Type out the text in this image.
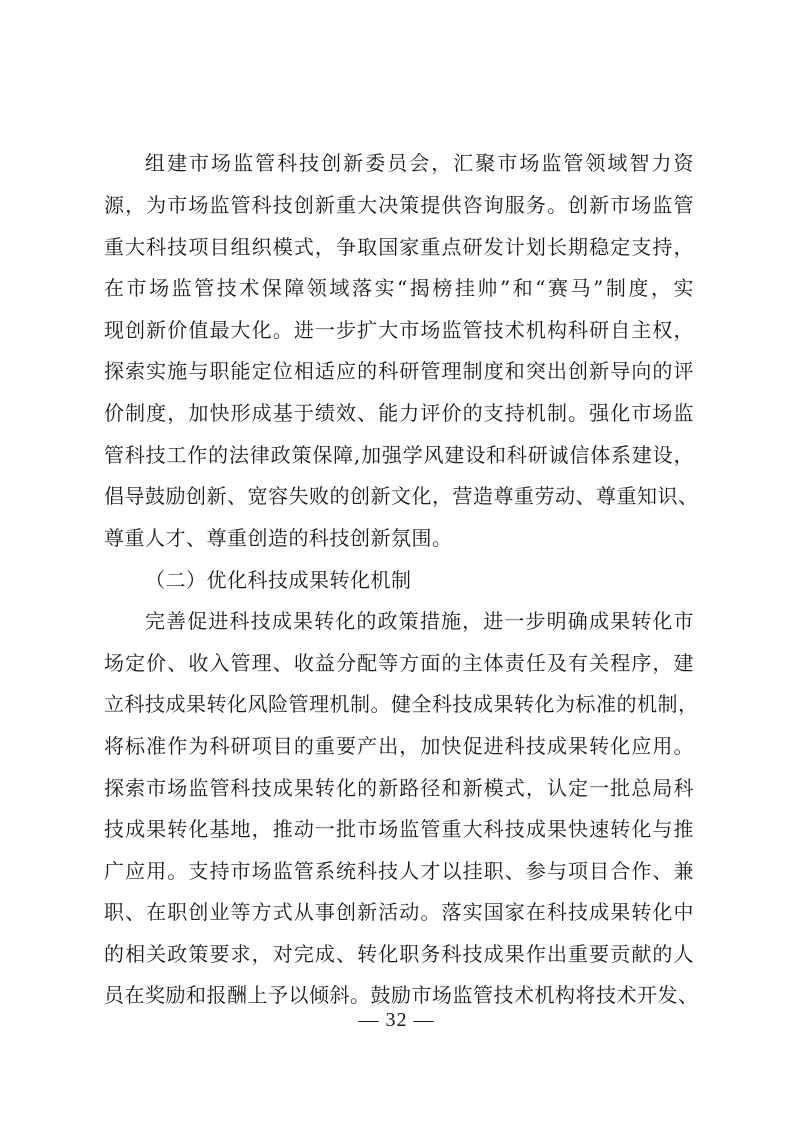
组建市场监管科技创新委员会，汇聚市场监管领域智力资
源，为市场监管科技创新重大决策提供咨询服务。创新市场监管
重大科技项目组织模式，争取国家重点研发计划长期稳定支持，
在市场监管技术保障领域落实“揭榜挂帅”和“赛马”制度，实
现创新价值最大化。进一步扩大市场监管技术机构科研自主权，
探索实施与职能定位相适应的科研管理制度和突出创新导向的评
价制度，加快形成基于绩效、能力评价的支持机制。强化市场监
管科技工作的法律政策保障,加强学风建设和科研诚信体系建设，
倡导鼓励创新、宽容失败的创新文化，营造尊重劳动、尊重知识、
尊重人才、尊重创造的科技创新氛围。
（二）优化科技成果转化机制
完善促进科技成果转化的政策措施，进一步明确成果转化市
场定价、收入管理、收益分配等方面的主体责任及有关程序，建
立科技成果转化风险管理机制。健全科技成果转化为标准的机制，
将标准作为科研项目的重要产出，加快促进科技成果转化应用。
探索市场监管科技成果转化的新路径和新模式，认定一批总局科
技成果转化基地，推动一批市场监管重大科技成果快速转化与推
广应用。支持市场监管系统科技人才以挂职、参与项目合作、兼
职、在职创业等方式从事创新活动。落实国家在科技成果转化中
的相关政策要求，对完成、转化职务科技成果作出重要贡献的人
员在奖励和报酬上予以倾斜。鼓励市场监管技术机构将技术开发、
— 32 —
